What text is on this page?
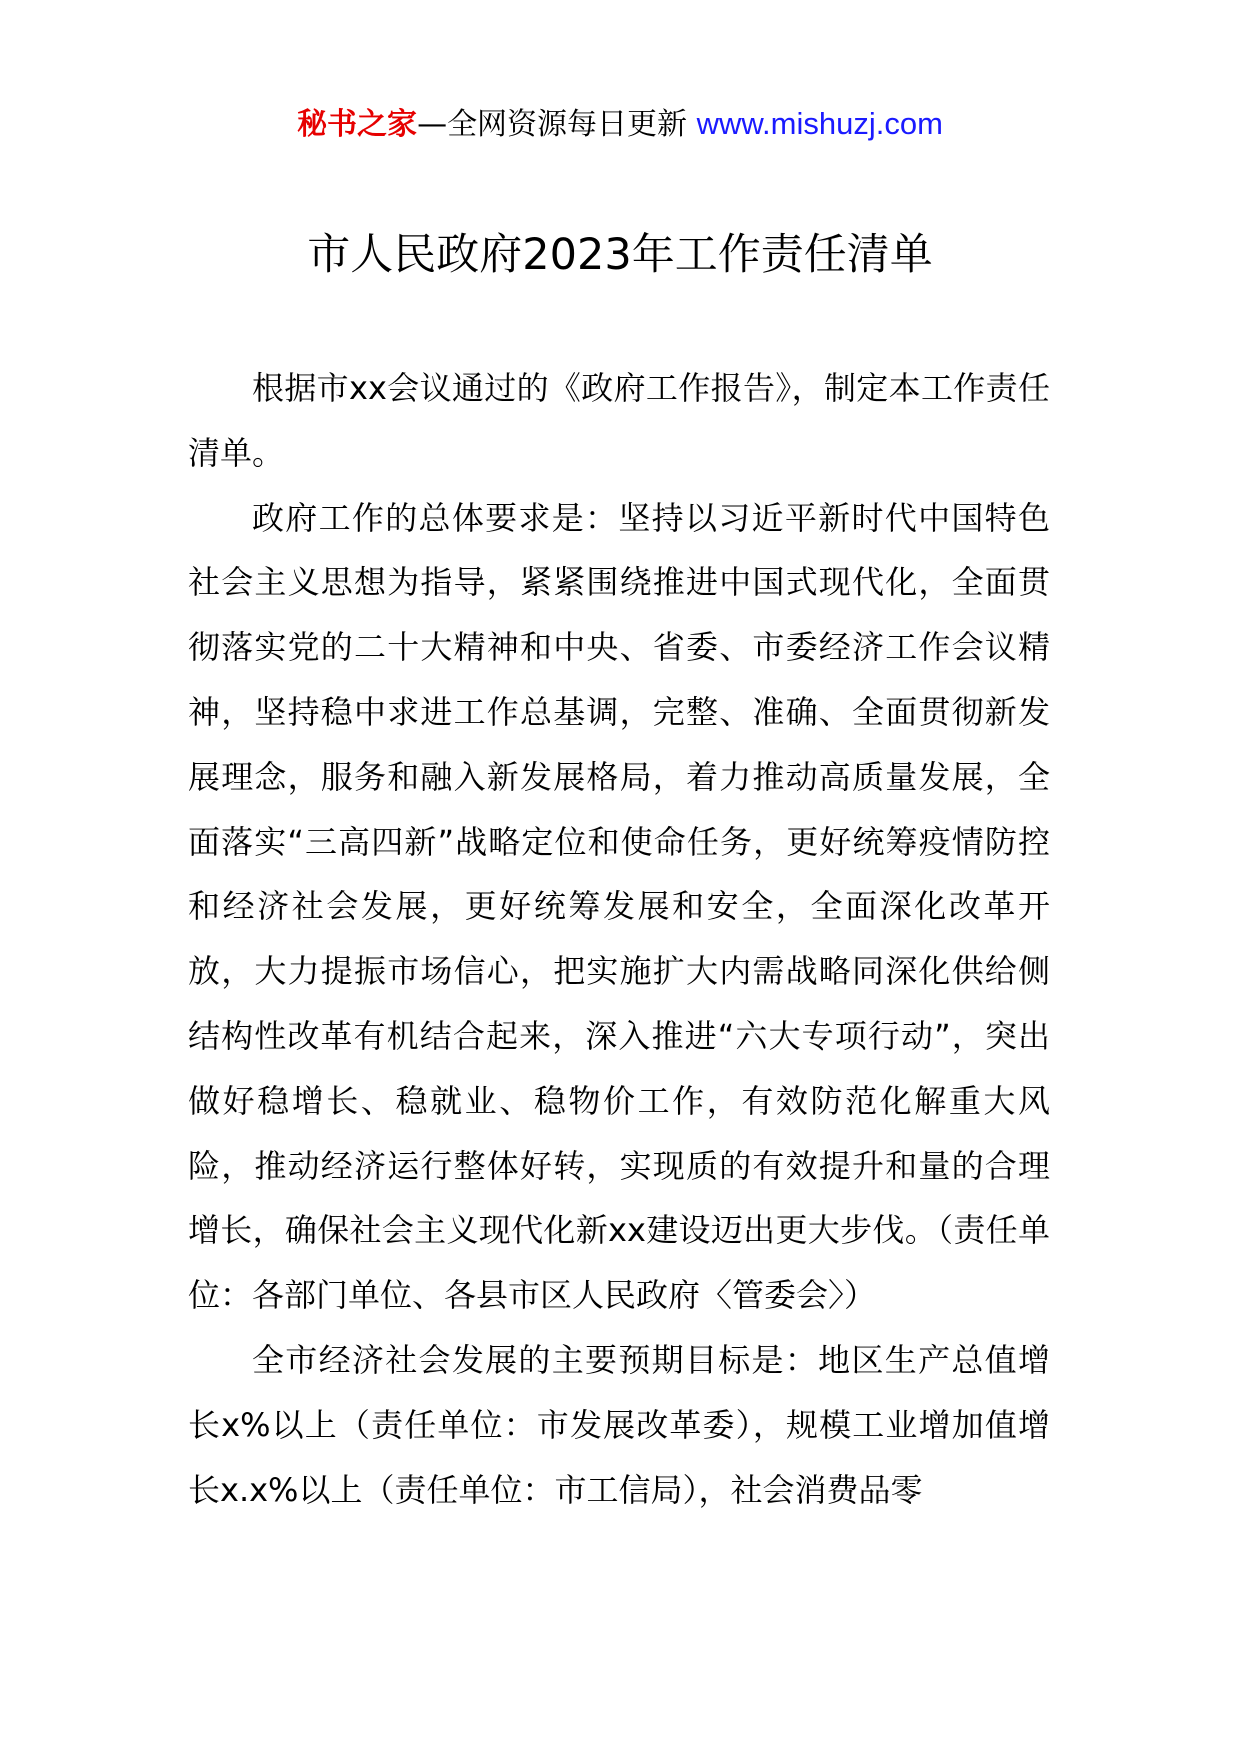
秘书之家—全网资源每日更新 www.mishuzj.com
市人民政府2023年工作责任清单

根据市xx会议通过的《政府工作报告》，制定本工作责任清单。

政府工作的总体要求是：坚持以习近平新时代中国特色社会主义思想为指导，紧紧围绕推进中国式现代化，全面贯彻落实党的二十大精神和中央、省委、市委经济工作会议精神，坚持稳中求进工作总基调，完整、准确、全面贯彻新发展理念，服务和融入新发展格局，着力推动高质量发展，全面落实“三高四新”战略定位和使命任务，更好统筹疫情防控和经济社会发展，更好统筹发展和安全，全面深化改革开放，大力提振市场信心，把实施扩大内需战略同深化供给侧结构性改革有机结合起来，深入推进“六大专项行动”，突出做好稳增长、稳就业、稳物价工作，有效防范化解重大风险，推动经济运行整体好转，实现质的有效提升和量的合理增长，确保社会主义现代化新xx建设迈出更大步伐。（责任单位：各部门单位、各县市区人民政府〈管委会〉）

全市经济社会发展的主要预期目标是：地区生产总值增长x%以上（责任单位：市发展改革委），规模工业增加值增长x.x%以上（责任单位：市工信局），社会消费品零
